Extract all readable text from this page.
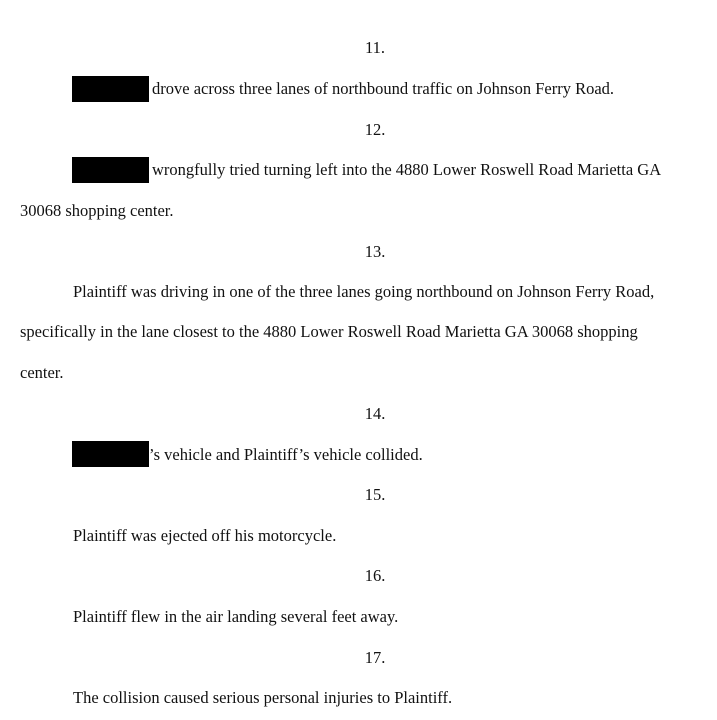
11.
drove across three lanes of northbound traffic on Johnson Ferry Road.
12.
wrongfully tried turning left into the 4880 Lower Roswell Road Marietta GA
30068 shopping center.
13.
Plaintiff was driving in one of the three lanes going northbound on Johnson Ferry Road,
specifically in the lane closest to the 4880 Lower Roswell Road Marietta GA 30068 shopping
center.
14.
’s vehicle and Plaintiff’s vehicle collided.
15.
Plaintiff was ejected off his motorcycle.
16.
Plaintiff flew in the air landing several feet away.
17.
The collision caused serious personal injuries to Plaintiff.
